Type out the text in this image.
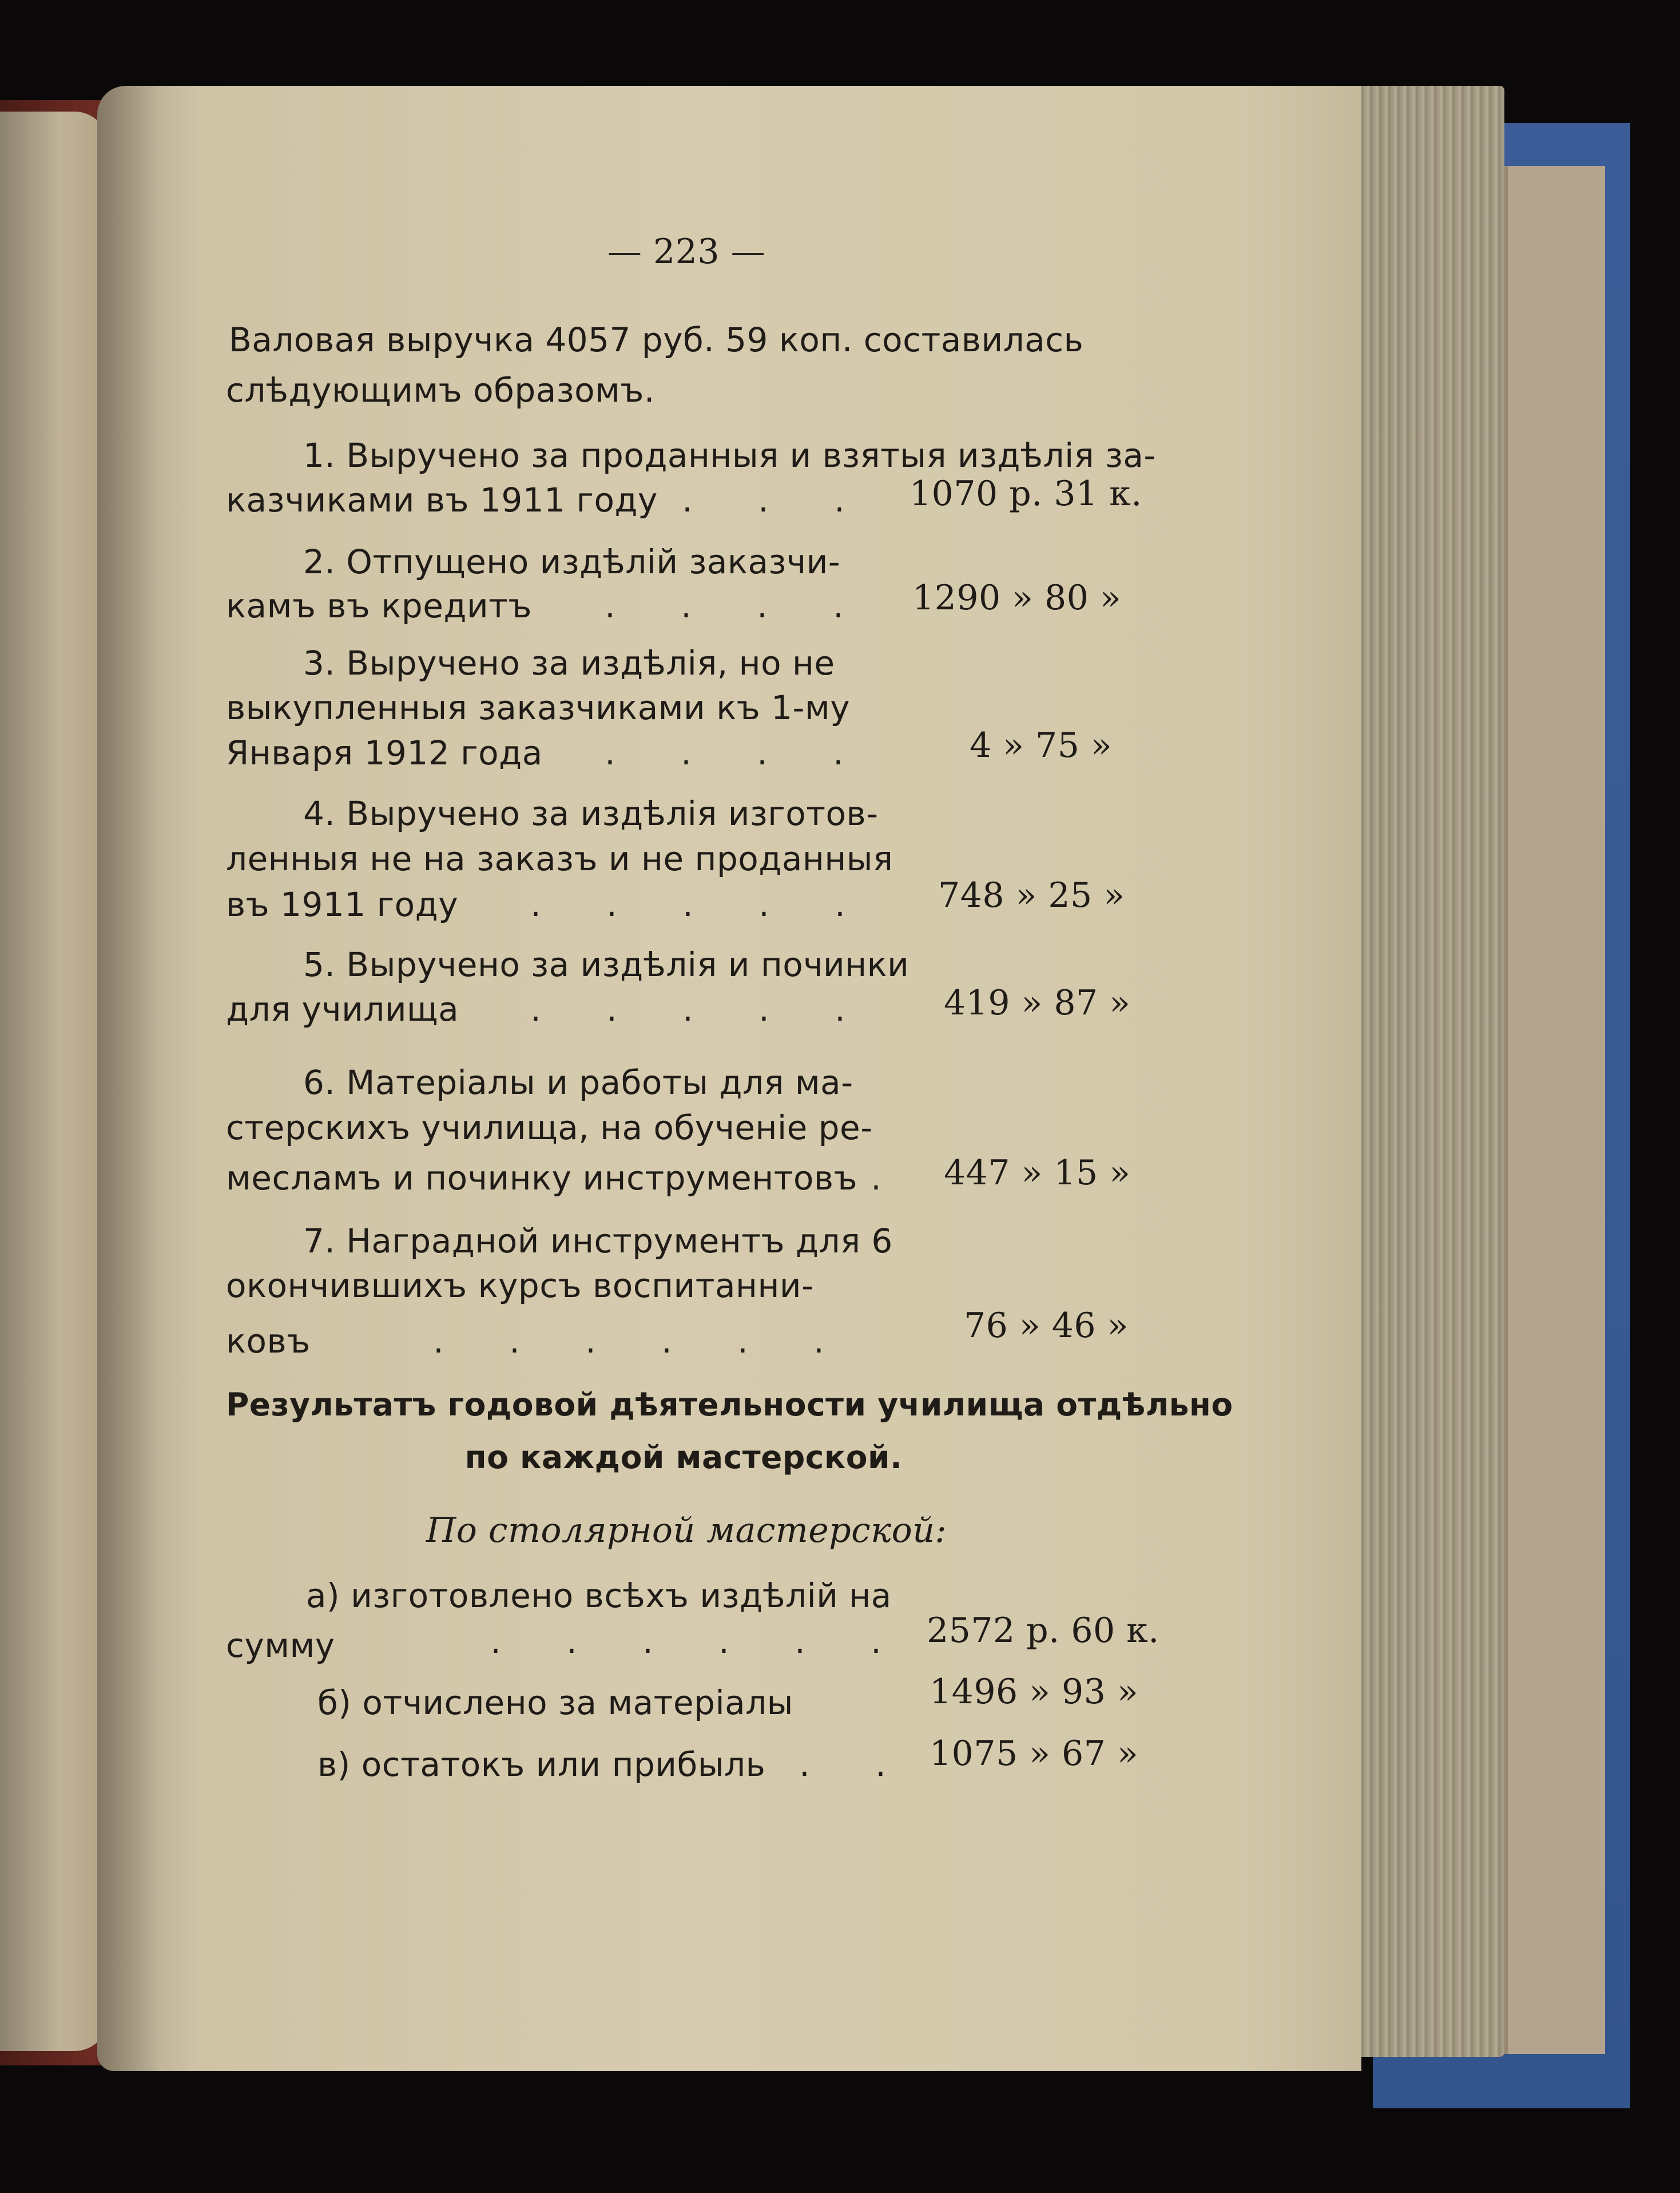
— 223 —
Валовая выручка 4057 руб. 59 коп. составилась
слѣдующимъ образомъ.
1. Выручено за проданныя и взятыя издѣлія за-
казчиками въ 1911 году . . .	1070 р. 31 к.
2. Отпущено издѣлій заказчи-
камъ въ кредитъ	. . . .	1290 » 80 »
3. Выручено за издѣлія, но не
выкупленныя заказчиками къ 1-му
Января 1912 года	. . . .	4 » 75 »
4. Выручено за издѣлія изготов-
ленныя не на заказъ и не проданныя
въ 1911 году	. . . . .	748 » 25 »
5. Выручено за издѣлія и починки
для училища	. . . . .	419 » 87 »
6. Матеріалы и работы для ма-
стерскихъ училища, на обученіе ре-
месламъ и починку инструментовъ .	447 » 15 »
7. Наградной инструментъ для 6
окончившихъ курсъ воспитанни-
ковъ	. . . . . .	76 » 46 »
Результатъ годовой дѣятельности училища отдѣльно
по каждой мастерской.
По столярной мастерской:
а) изготовлено всѣхъ издѣлій на
сумму	. . . . . .	2572 р. 60 к.
б) отчислено за матеріалы	1496 » 93 »
в) остатокъ или прибыль	. .	1075 » 67 »
